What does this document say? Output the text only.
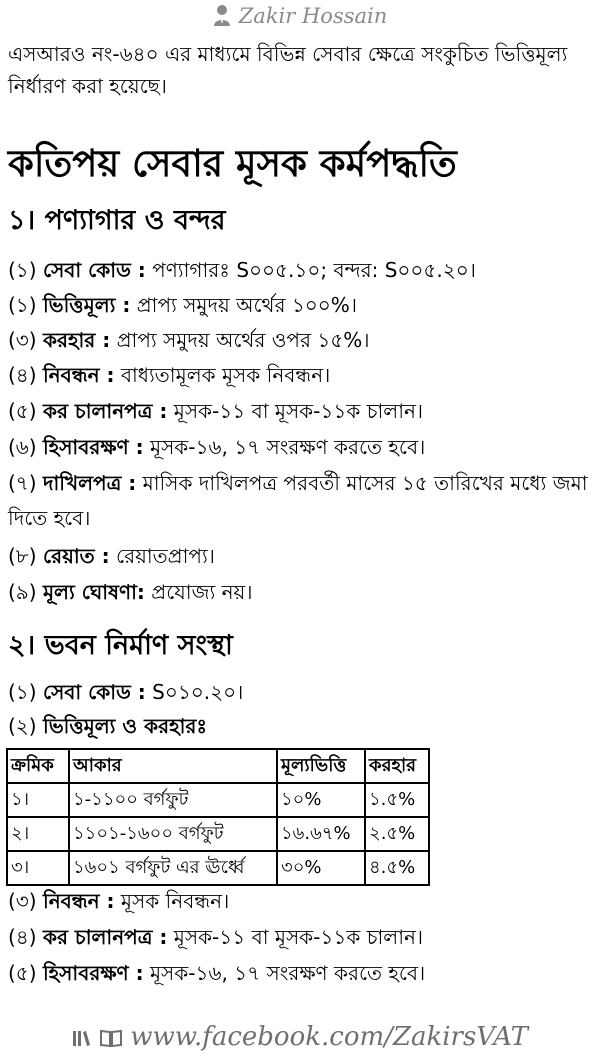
Zakir Hossain
এসআরও নং-৬৪০ এর মাধ্যমে বিভিন্ন সেবার ক্ষেত্রে সংকুচিত ভিত্তিমূল্য নির্ধারণ করা হয়েছে।
কতিপয় সেবার মূসক কর্মপদ্ধতি
১। পণ্যাগার ও বন্দর
(১) সেবা কোড : পণ্যাগারঃ S০০৫.১০; বন্দর: S০০৫.২০।
(১) ভিত্তিমূল্য : প্রাপ্য সমুদয় অর্থের ১০০%।
(৩) করহার : প্রাপ্য সমুদয় অর্থের ওপর ১৫%।
(৪) নিবন্ধন : বাধ্যতামূলক মূসক নিবন্ধন।
(৫) কর চালানপত্র : মূসক-১১ বা মূসক-১১ক চালান।
(৬) হিসাবরক্ষণ : মূসক-১৬, ১৭ সংরক্ষণ করতে হবে।
(৭) দাখিলপত্র : মাসিক দাখিলপত্র পরবর্তী মাসের ১৫ তারিখের মধ্যে জমা দিতে হবে।
(৮) রেয়াত : রেয়াতপ্রাপ্য।
(৯) মূল্য ঘোষণা: প্রযোজ্য নয়।
২। ভবন নির্মাণ সংস্থা
(১) সেবা কোড : S০১০.২০।
(২) ভিত্তিমূল্য ও করহারঃ
ক্রমিক	আকার	মূল্যভিত্তি	করহার
১।	১-১১০০ বর্গফুট	১০%	১.৫%
২।	১১০১-১৬০০ বর্গফুট	১৬.৬৭%	২.৫%
৩।	১৬০১ বর্গফুট এর ঊর্ধ্বে	৩০%	৪.৫%
(৩) নিবন্ধন : মূসক নিবন্ধন।
(৪) কর চালানপত্র : মূসক-১১ বা মূসক-১১ক চালান।
(৫) হিসাবরক্ষণ : মূসক-১৬, ১৭ সংরক্ষণ করতে হবে।
www.facebook.com/ZakirsVAT
